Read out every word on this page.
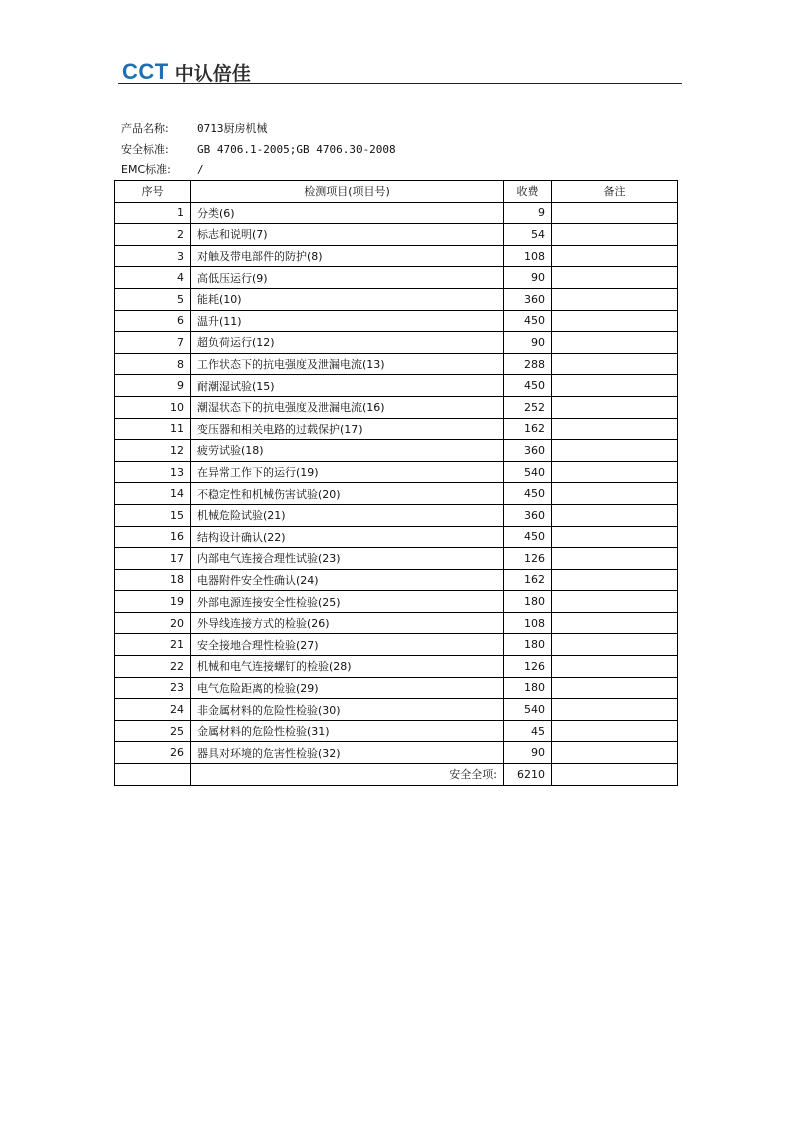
CCT 中认倍佳
产品名称:	0713厨房机械
安全标准:	GB 4706.1-2005;GB 4706.30-2008
EMC标准: /
序号	检测项目(项目号)	收费	备注
1	分类(6)	9	
2	标志和说明(7)	54	
3	对触及带电部件的防护(8)	108	
4	高低压运行(9)	90	
5	能耗(10)	360	
6	温升(11)	450	
7	超负荷运行(12)	90	
8	工作状态下的抗电强度及泄漏电流(13)	288	
9	耐潮湿试验(15)	450	
10	潮湿状态下的抗电强度及泄漏电流(16)	252	
11	变压器和相关电路的过载保护(17)	162	
12	疲劳试验(18)	360	
13	在异常工作下的运行(19)	540	
14	不稳定性和机械伤害试验(20)	450	
15	机械危险试验(21)	360	
16	结构设计确认(22)	450	
17	内部电气连接合理性试验(23)	126	
18	电器附件安全性确认(24)	162	
19	外部电源连接安全性检验(25)	180	
20	外导线连接方式的检验(26)	108	
21	安全接地合理性检验(27)	180	
22	机械和电气连接螺钉的检验(28)	126	
23	电气危险距离的检验(29)	180	
24	非金属材料的危险性检验(30)	540	
25	金属材料的危险性检验(31)	45	
26	器具对环境的危害性检验(32)	90	
	安全全项:	6210	
